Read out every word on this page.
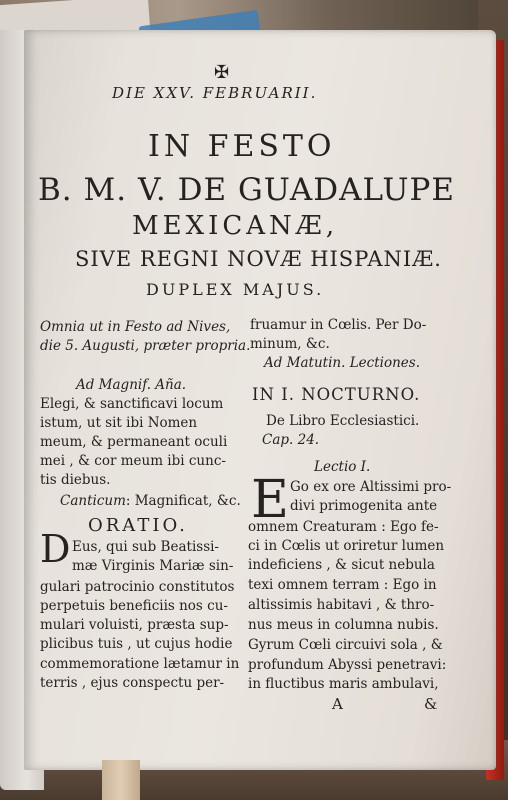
✠
DIE XXV. FEBRUARII.
IN FESTO
B. M. V. DE GUADALUPE
MEXICANÆ,
SIVE REGNI NOVÆ HISPANIÆ.
DUPLEX MAJUS.
Omnia ut in Festo ad Nives,
die 5. Augusti, præter propria.
Ad Magnif. Aña.
Elegi, & sanctificavi locum
istum, ut sit ibi Nomen
meum, & permaneant oculi
mei , & cor meum ibi cunc-
tis diebus.
Canticum: Magnificat, &c.
ORATIO.
D Eus, qui sub Beatissi-
mæ Virginis Mariæ sin-
gulari patrocinio constitutos
perpetuis beneficiis nos cu-
mulari voluisti, præsta sup-
plicibus tuis , ut cujus hodie
commemoratione lætamur in
terris , ejus conspectu per-
fruamur in Cœlis. Per Do-
minum, &c.
Ad Matutin. Lectiones.
IN I. NOCTURNO.
De Libro Ecclesiastici.
Cap. 24.
Lectio I.
E Go ex ore Altissimi pro-
divi primogenita ante
omnem Creaturam : Ego fe-
ci in Cœlis ut oriretur lumen
indeficiens , & sicut nebula
texi omnem terram : Ego in
altissimis habitavi , & thro-
nus meus in columna nubis.
Gyrum Cœli circuivi sola , &
profundum Abyssi penetravi:
in fluctibus maris ambulavi,
A	&
